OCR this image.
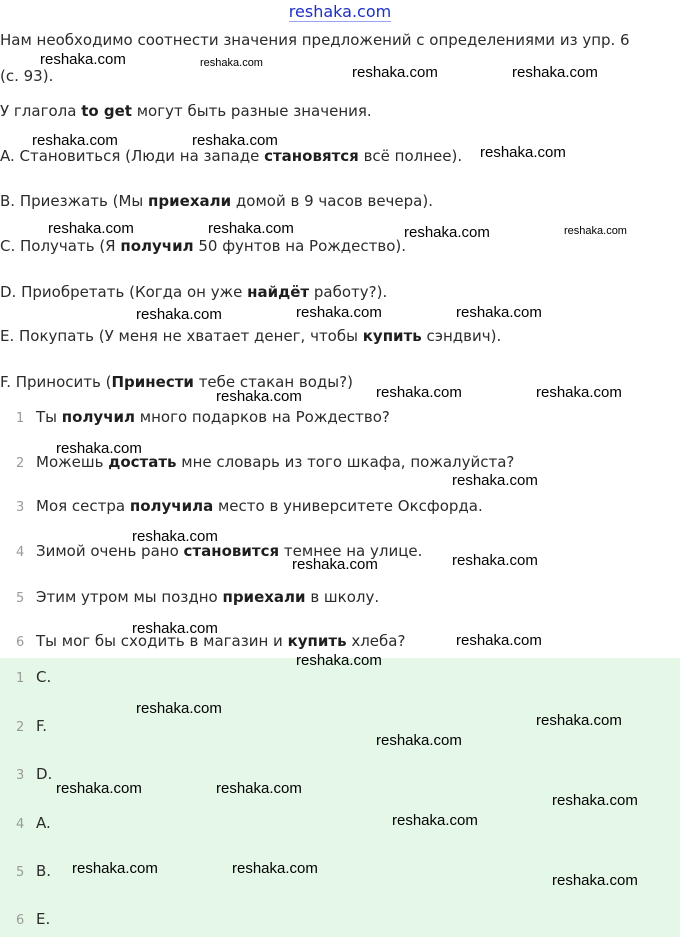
reshaka.com
Нам необходимо соотнести значения предложений с определениями из упр. 6
(с. 93).
У глагола to get могут быть разные значения.
A. Становиться (Люди на западе становятся всё полнее).
B. Приезжать (Мы приехали домой в 9 часов вечера).
C. Получать (Я получил 50 фунтов на Рождество).
D. Приобретать (Когда он уже найдёт работу?).
E. Покупать (У меня не хватает денег, чтобы купить сэндвич).
F. Приносить (Принести тебе стакан воды?)
1 Ты получил много подарков на Рождество?
2 Можешь достать мне словарь из того шкафа, пожалуйста?
3 Моя сестра получила место в университете Оксфорда.
4 Зимой очень рано становится темнее на улице.
5 Этим утром мы поздно приехали в школу.
6 Ты мог бы сходить в магазин и купить хлеба?
1 C.
2 F.
3 D.
4 A.
5 B.
6 E.
reshaka.com	reshaka.com
reshaka.com	reshaka.com
reshaka.com	reshaka.com
reshaka.com
reshaka.com	reshaka.com	reshaka.com	reshaka.com
reshaka.com	reshaka.com	reshaka.com
reshaka.com	reshaka.com	reshaka.com
reshaka.com
reshaka.com
reshaka.com
reshaka.com	reshaka.com
reshaka.com
reshaka.com
reshaka.com
reshaka.com
reshaka.com
reshaka.com
reshaka.com	reshaka.com
reshaka.com
reshaka.com
reshaka.com	reshaka.com
reshaka.com
